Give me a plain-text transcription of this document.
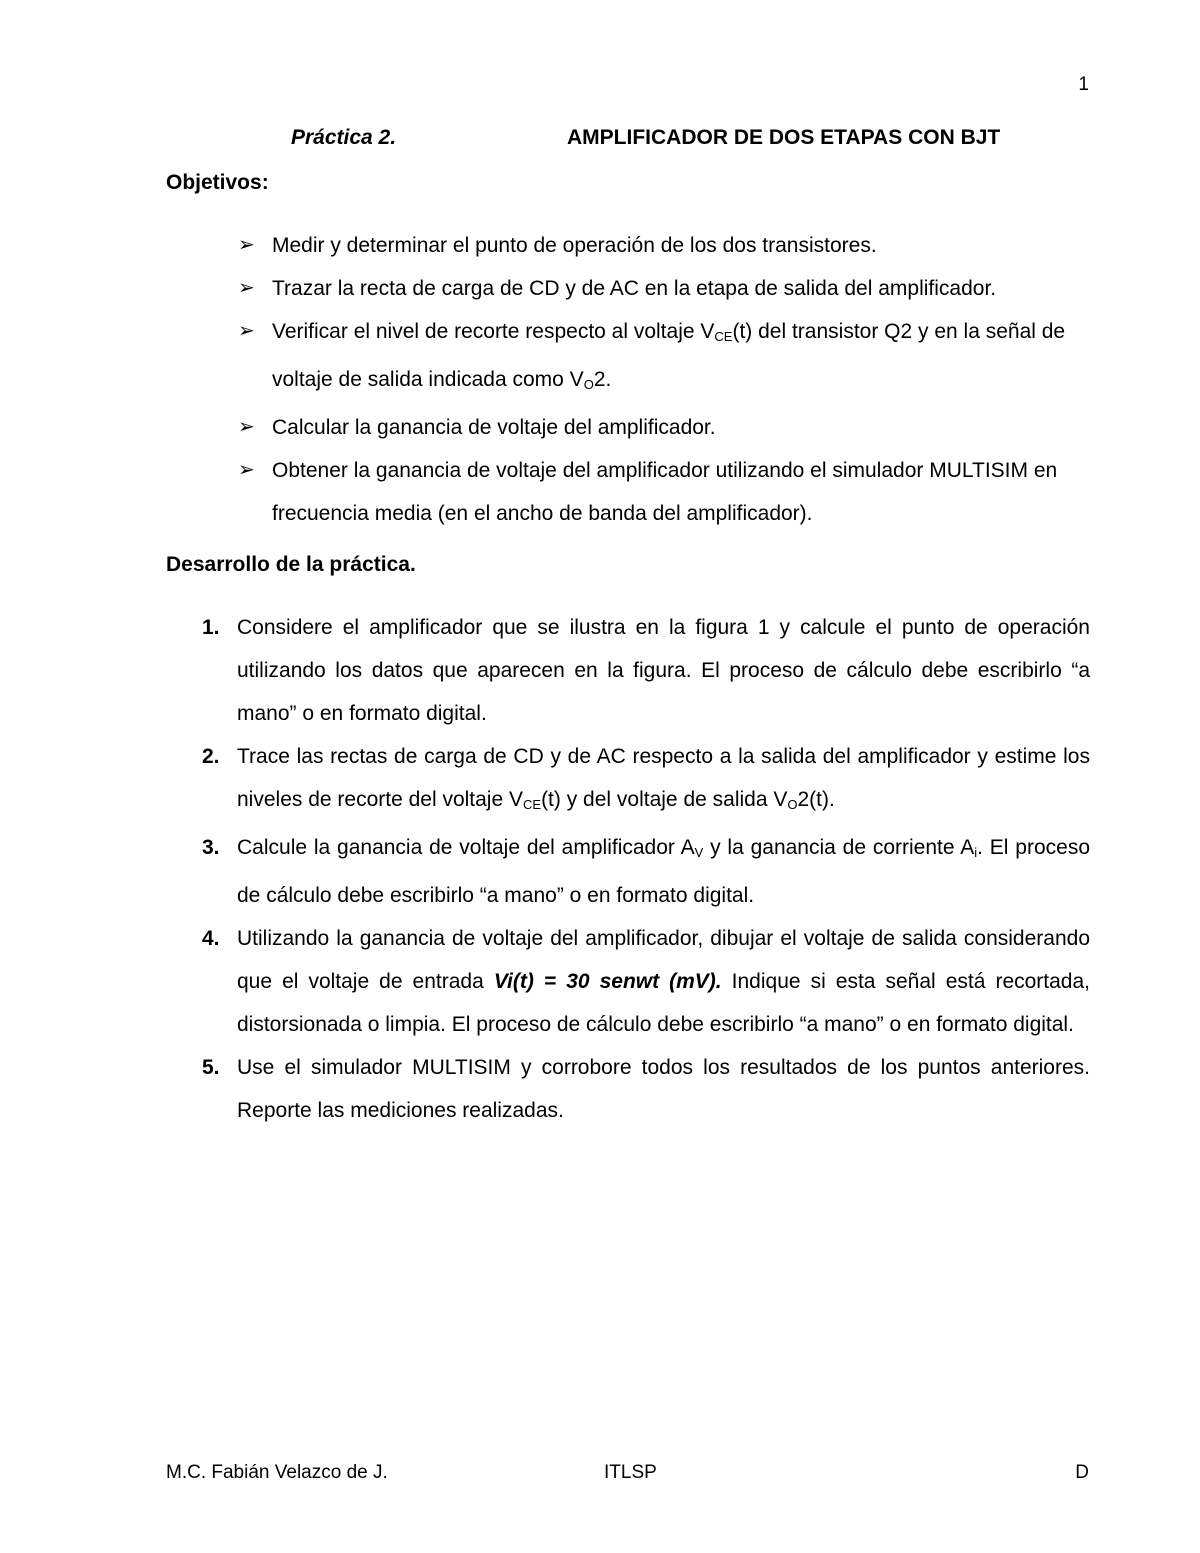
1
Práctica 2.	AMPLIFICADOR DE DOS ETAPAS CON BJT
Objetivos:
➢ Medir y determinar el punto de operación de los dos transistores.
➢ Trazar la recta de carga de CD y de AC en la etapa de salida del amplificador.
➢ Verificar el nivel de recorte respecto al voltaje $V_{CE}(t)$ del transistor Q2 y en la señal de voltaje de salida indicada como $V_O2$.
➢ Calcular la ganancia de voltaje del amplificador.
➢ Obtener la ganancia de voltaje del amplificador utilizando el simulador MULTISIM en frecuencia media (en el ancho de banda del amplificador).
Desarrollo de la práctica.
1. Considere el amplificador que se ilustra en la figura 1 y calcule el punto de operación utilizando los datos que aparecen en la figura. El proceso de cálculo debe escribirlo “a mano” o en formato digital.
2. Trace las rectas de carga de CD y de AC respecto a la salida del amplificador y estime los niveles de recorte del voltaje $V_{CE}(t)$ y del voltaje de salida $V_O2(t)$.
3. Calcule la ganancia de voltaje del amplificador $A_V$ y la ganancia de corriente $A_i$. El proceso de cálculo debe escribirlo “a mano” o en formato digital.
4. Utilizando la ganancia de voltaje del amplificador, dibujar el voltaje de salida considerando que el voltaje de entrada Vi(t) = 30 senwt (mV). Indique si esta señal está recortada, distorsionada o limpia. El proceso de cálculo debe escribirlo “a mano” o en formato digital.
5. Use el simulador MULTISIM y corrobore todos los resultados de los puntos anteriores. Reporte las mediciones realizadas.
M.C. Fabián Velazco de J.	ITLSP	D
